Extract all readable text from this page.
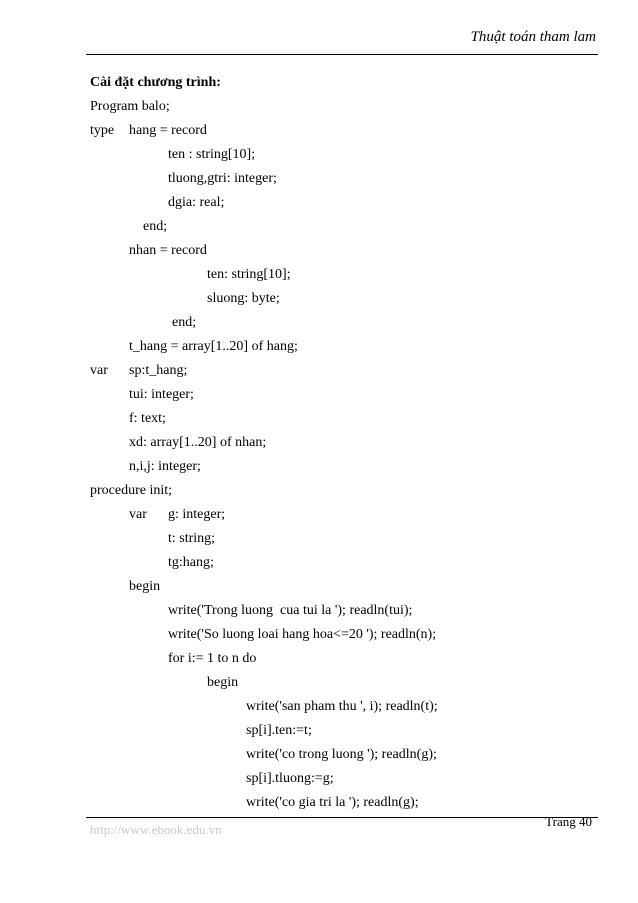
Thuật toán tham lam
Cài đặt chương trình:
Program balo;
type hang = record
ten : string[10];
tluong,gtri: integer;
dgia: real;
end;
nhan = record
ten: string[10];
sluong: byte;
end;
t_hang = array[1..20] of hang;
var sp:t_hang;
tui: integer;
f: text;
xd: array[1..20] of nhan;
n,i,j: integer;
procedure init;
var g: integer;
t: string;
tg:hang;
begin
write('Trong luong  cua tui la '); readln(tui);
write('So luong loai hang hoa<=20 '); readln(n);
for i:= 1 to n do
begin
write('san pham thu ', i); readln(t);
sp[i].ten:=t;
write('co trong luong '); readln(g);
sp[i].tluong:=g;
write('co gia tri la '); readln(g);
http://www.ebook.edu.vn
Trang 40
